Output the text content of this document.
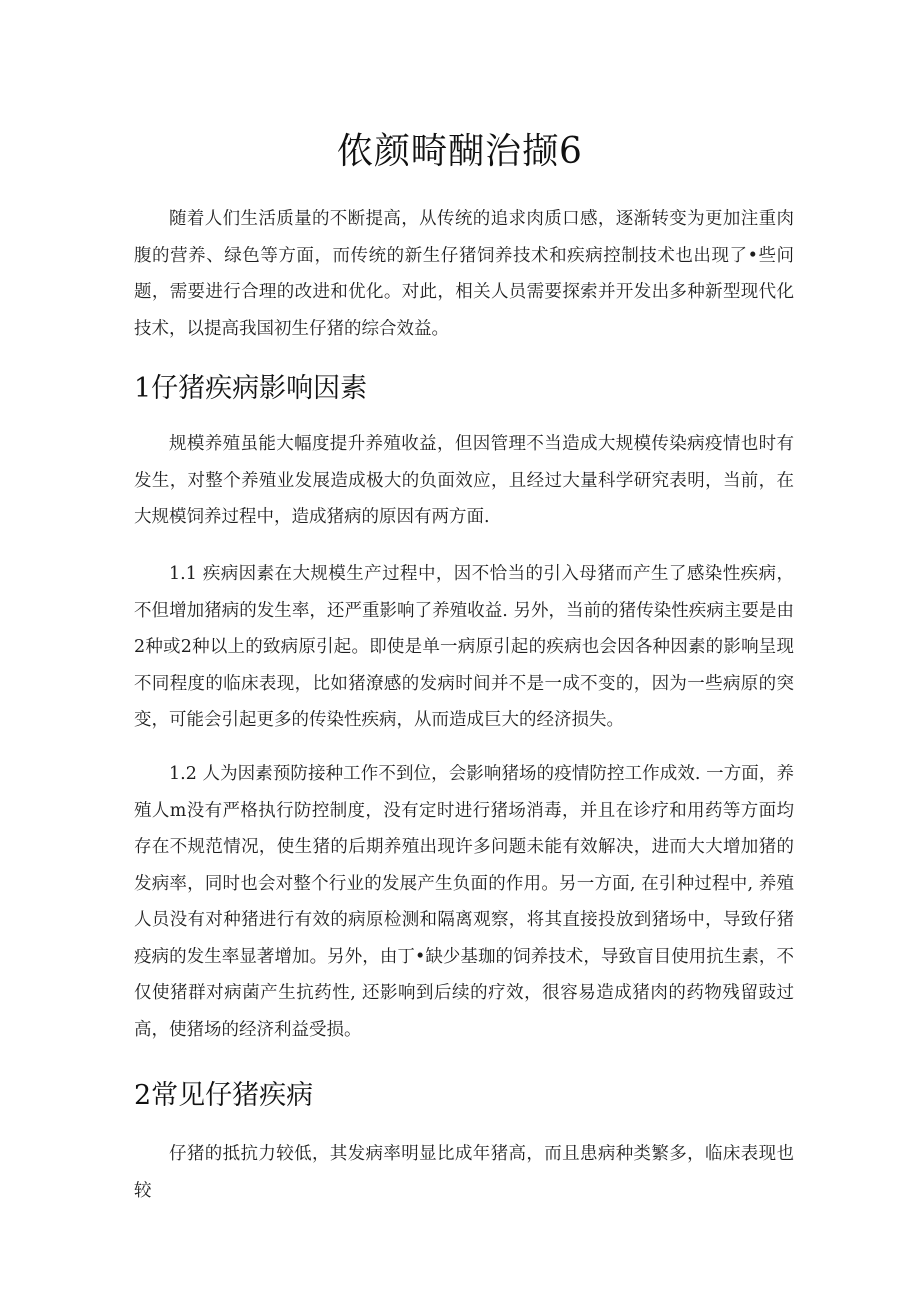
侬颜畸醐治撷6

随着人们生活质量的不断提高，从传统的追求肉质口感，逐渐转变为更加注重肉腹的营养、绿色等方面，而传统的新生仔猪饲养技术和疾病控制技术也出现了•些问题，需要进行合理的改进和优化。对此，相关人员需要探索并开发出多种新型现代化技术，以提高我国初生仔猪的综合效益。

1仔猪疾病影响因素

规模养殖虽能大幅度提升养殖收益，但因管理不当造成大规模传染病疫情也时有发生，对整个养殖业发展造成极大的负面效应，且经过大量科学研究表明，当前，在大规模饲养过程中，造成猪病的原因有两方面.

1.1 疾病因素在大规模生产过程中，因不恰当的引入母猪而产生了感染性疾病，不但增加猪病的发生率，还严重影响了养殖收益. 另外，当前的猪传染性疾病主要是由2种或2种以上的致病原引起。即使是单一病原引起的疾病也会因各种因素的影响呈现不同程度的临床表现，比如猪潦感的发病时间并不是一成不变的，因为一些病原的突变，可能会引起更多的传染性疾病，从而造成巨大的经济损失。

1.2 人为因素预防接种工作不到位，会影响猪场的疫情防控工作成效. 一方面，养殖人m没有严格执行防控制度，没有定时进行猪场消毒，并且在诊疗和用药等方面均存在不规范情况，使生猪的后期养殖出现许多问题未能有效解决，进而大大增加猪的发病率，同时也会对整个行业的发展产生负面的作用。另一方面, 在引种过程中, 养殖人员没有对种猪进行有效的病原检测和隔离观察，将其直接投放到猪场中，导致仔猪疫病的发生率显著增加。另外，由丁•缺少基珈的饲养技术，导致盲目使用抗生素，不仅使猪群对病菌产生抗药性, 还影响到后续的疗效，很容易造成猪肉的药物残留豉过高，使猪场的经济利益受损。

2常见仔猪疾病

仔猪的抵抗力较低，其发病率明显比成年猪高，而且患病种类繁多，临床表现也较
